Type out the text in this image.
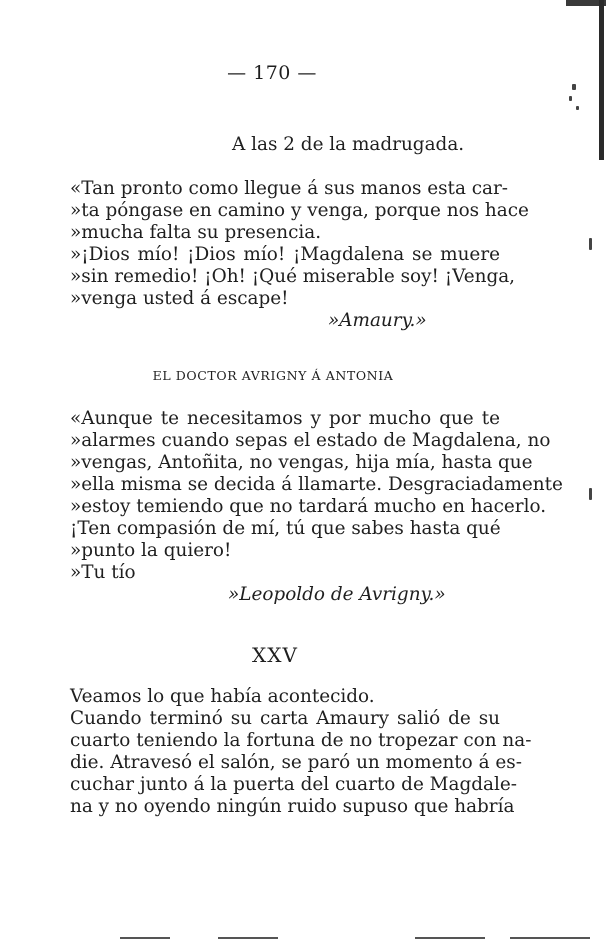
— 170 —
A las 2 de la madrugada.
«Tan pronto como llegue á sus manos esta car-
»ta póngase en camino y venga, porque nos hace
»mucha falta su presencia.
»¡Dios mío! ¡Dios mío! ¡Magdalena se muere
»sin remedio! ¡Oh! ¡Qué miserable soy! ¡Venga,
»venga usted á escape!
»Amaury.»
EL DOCTOR AVRIGNY Á ANTONIA
«Aunque te necesitamos y por mucho que te
»alarmes cuando sepas el estado de Magdalena, no
»vengas, Antoñita, no vengas, hija mía, hasta que
»ella misma se decida á llamarte. Desgraciadamente
»estoy temiendo que no tardará mucho en hacerlo.
¡Ten compasión de mí, tú que sabes hasta qué
»punto la quiero!
»Tu tío
»Leopoldo de Avrigny.»
XXV
Veamos lo que había acontecido.
Cuando terminó su carta Amaury salió de su
cuarto teniendo la fortuna de no tropezar con na-
die. Atravesó el salón, se paró un momento á es-
cuchar junto á la puerta del cuarto de Magdale-
na y no oyendo ningún ruido supuso que habría
